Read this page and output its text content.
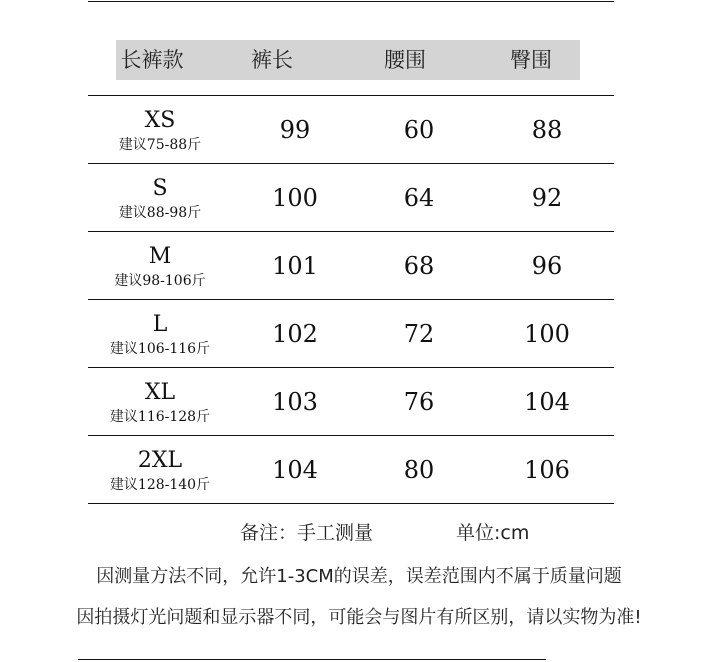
长裤款	裤长	腰围	臀围
XS
建议75-88斤
99	60	88
S
建议88-98斤
100	64	92
M
建议98-106斤
101	68	96
L
建议106-116斤
102	72	100
XL
建议116-128斤
103	76	104
2XL
建议128-140斤
104	80	106
备注：手工测量	单位:cm
因测量方法不同，允许1-3CM的误差，误差范围内不属于质量问题
因拍摄灯光问题和显示器不同，可能会与图片有所区别，请以实物为准!
